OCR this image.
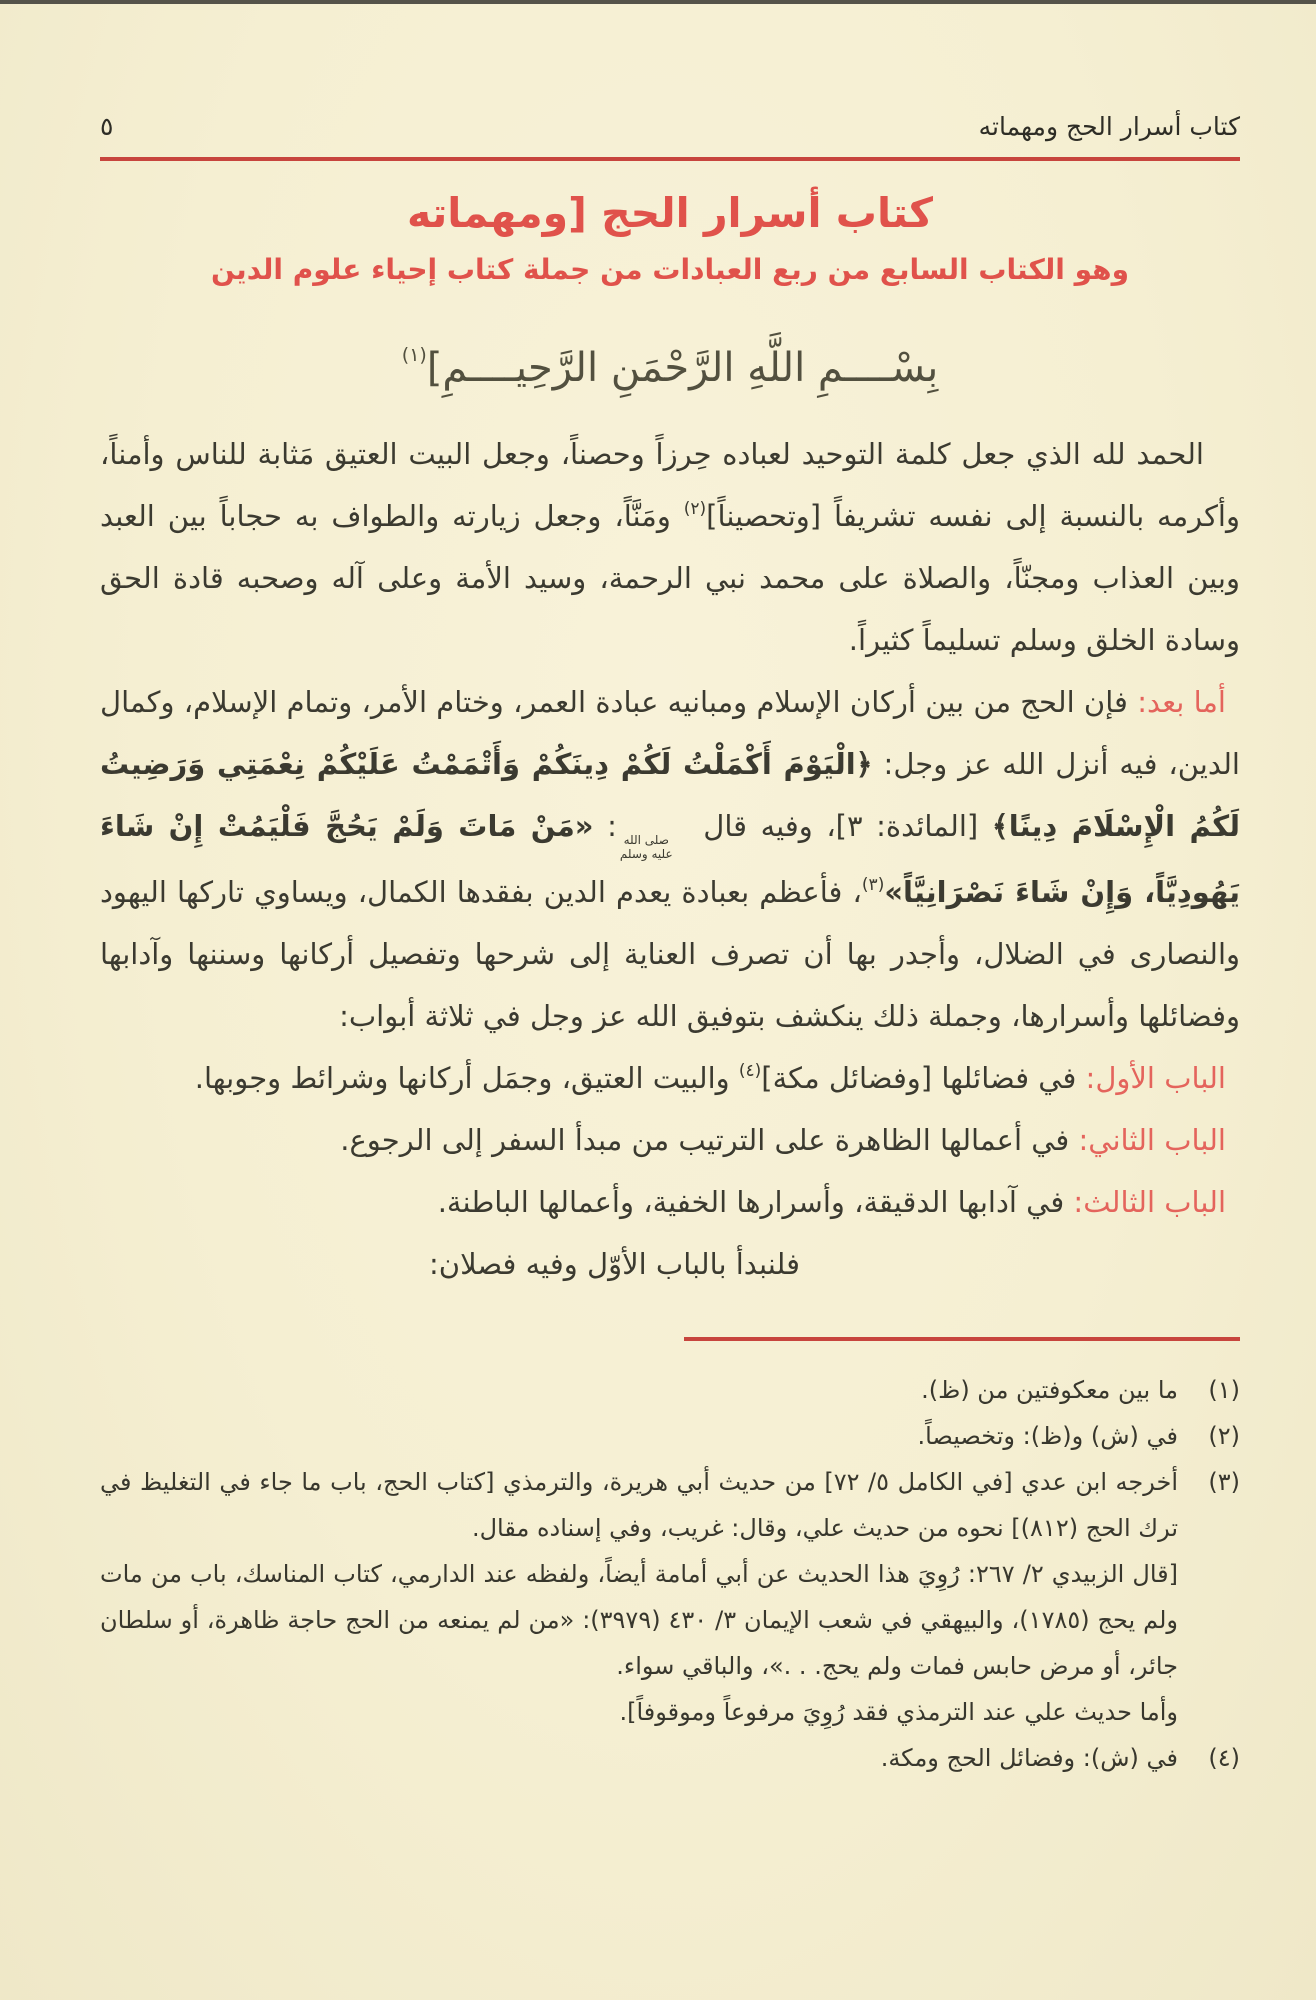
كتاب أسرار الحج ومهماته
٥
كتاب أسرار الحج [ومهماته
وهو الكتاب السابع من ربع العبادات من جملة كتاب إحياء علوم الدين
بِسْــــمِ اللَّهِ الرَّحْمَنِ الرَّحِيــــمِ]$^{(١)}$

الحمد لله الذي جعل كلمة التوحيد لعباده حِرزاً وحصناً، وجعل البيت العتيق مَثابة للناس وأمناً، وأكرمه بالنسبة إلى نفسه تشريفاً [وتحصيناً]$^{(٢)}$ ومَنَّاً، وجعل زيارته والطواف به حجاباً بين العبد وبين العذاب ومجنّاً، والصلاة على محمد نبي الرحمة، وسيد الأمة وعلى آله وصحبه قادة الحق وسادة الخلق وسلم تسليماً كثيراً.

أما بعد: فإن الحج من بين أركان الإسلام ومبانيه عبادة العمر، وختام الأمر، وتمام الإسلام، وكمال الدين، فيه أنزل الله عز وجل: ﴿الْيَوْمَ أَكْمَلْتُ لَكُمْ دِينَكُمْ وَأَتْمَمْتُ عَلَيْكُمْ نِعْمَتِي وَرَضِيتُ لَكُمُ الْإِسْلَامَ دِينًا﴾ [المائدة: ٣]، وفيه قال
صلى الله
عليه وسلم
: «مَنْ مَاتَ وَلَمْ يَحُجَّ فَلْيَمُتْ إِنْ شَاءَ يَهُودِيَّاً، وَإِنْ شَاءَ نَصْرَانِيَّاً»$^{(٣)}$، فأعظم بعبادة يعدم الدين بفقدها الكمال، ويساوي تاركها اليهود والنصارى في الضلال، وأجدر بها أن تصرف العناية إلى شرحها وتفصيل أركانها وسننها وآدابها وفضائلها وأسرارها، وجملة ذلك ينكشف بتوفيق الله عز وجل في ثلاثة أبواب:

الباب الأول: في فضائلها [وفضائل مكة]$^{(٤)}$ والبيت العتيق، وجمَل أركانها وشرائط وجوبها.

الباب الثاني: في أعمالها الظاهرة على الترتيب من مبدأ السفر إلى الرجوع.

الباب الثالث: في آدابها الدقيقة، وأسرارها الخفية، وأعمالها الباطنة.

فلنبدأ بالباب الأوّل وفيه فصلان:

(١)
ما بين معكوفتين من (ظ).
(٢)
في (ش) و(ظ): وتخصيصاً.
(٣)
أخرجه ابن عدي [في الكامل ٥/ ٧٢] من حديث أبي هريرة، والترمذي [كتاب الحج، باب ما جاء في التغليظ في ترك الحج (٨١٢)] نحوه من حديث علي، وقال: غريب، وفي إسناده مقال.
[قال الزبيدي ٢/ ٢٦٧: رُوِيَ هذا الحديث عن أبي أمامة أيضاً، ولفظه عند الدارمي، كتاب المناسك، باب من مات ولم يحج (١٧٨٥)، والبيهقي في شعب الإيمان ٣/ ٤٣٠ (٣٩٧٩): «من لم يمنعه من الحج حاجة ظاهرة، أو سلطان جائر، أو مرض حابس فمات ولم يحج. . .»، والباقي سواء.
وأما حديث علي عند الترمذي فقد رُوِيَ مرفوعاً وموقوفاً].
(٤)
في (ش): وفضائل الحج ومكة.
